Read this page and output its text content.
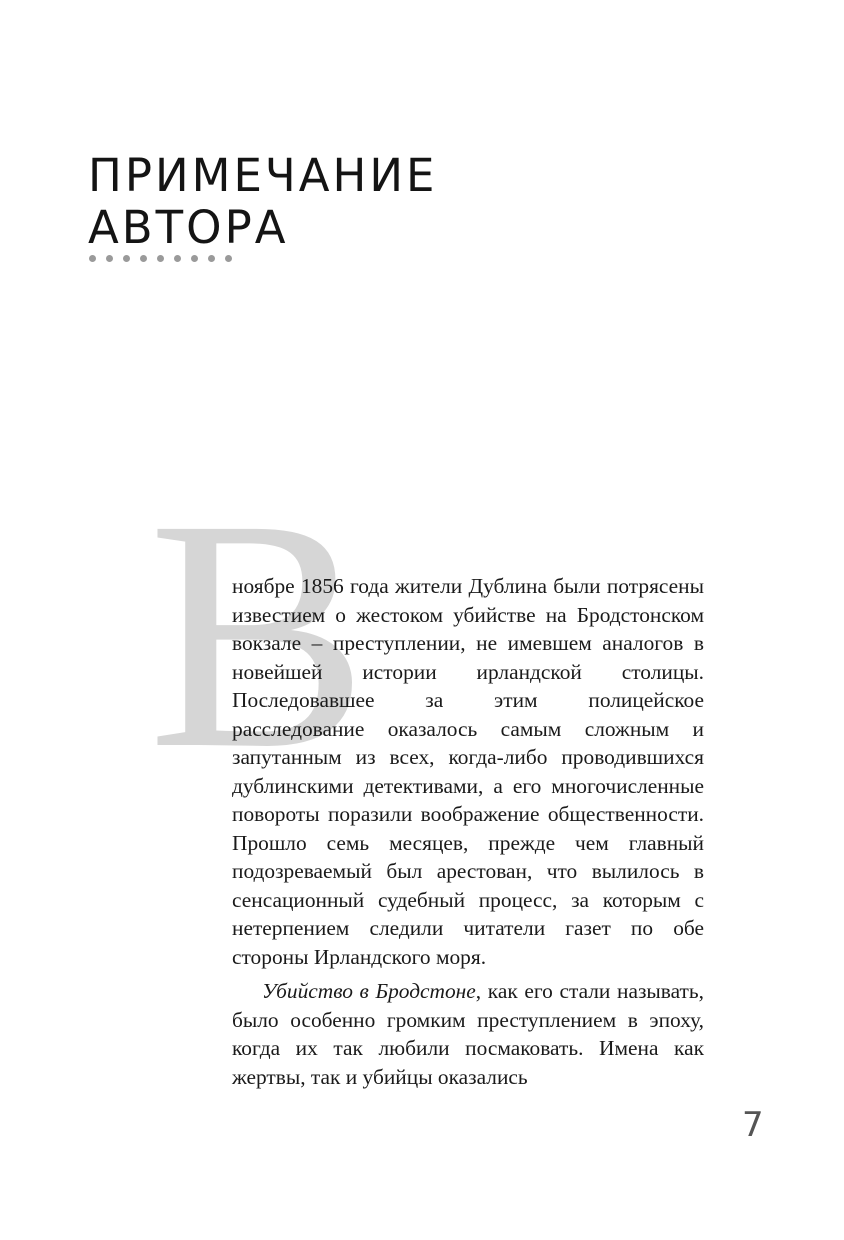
ПРИМЕЧАНИЕ
АВТОРА
В

ноябре 1856 года жители Дублина были потрясены известием о жестоком убийстве на Бродстонском вокзале – преступлении, не имевшем аналогов в новейшей истории ирландской столицы. Последовавшее за этим полицейское расследование оказалось самым сложным и запутанным из всех, когда-либо проводившихся дублинскими детективами, а его многочисленные повороты поразили воображение общественности. Прошло семь месяцев, прежде чем главный подозреваемый был арестован, что вылилось в сенсационный судебный процесс, за которым с нетерпением следили читатели газет по обе стороны Ирландского моря.

Убийство в Бродстоне, как его стали называть, было особенно громким преступлением в эпоху, когда их так любили посмаковать. Имена как жертвы, так и убийцы оказались

7
